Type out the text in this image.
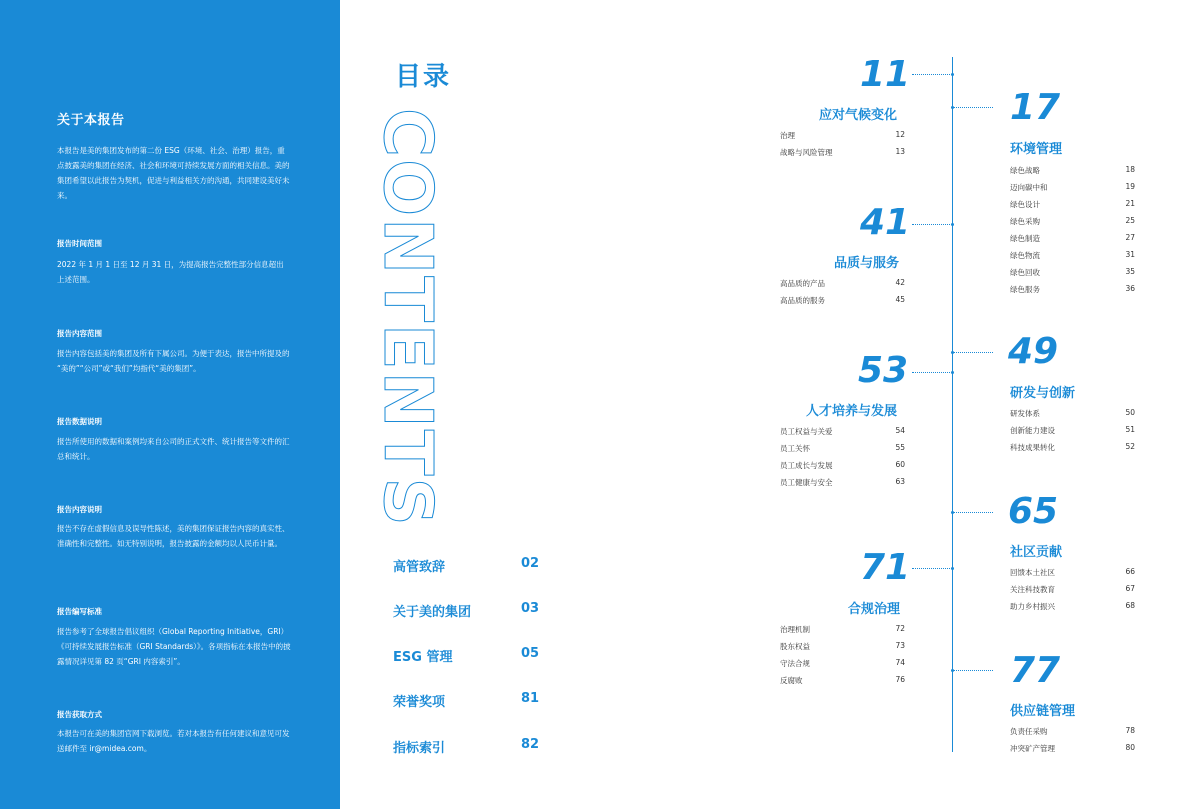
关于本报告
本报告是美的集团发布的第二份 ESG（环境、社会、治理）报告，重点披露美的集团在经济、社会和环境可持续发展方面的相关信息。美的集团希望以此报告为契机，促进与利益相关方的沟通，共同建设美好未来。
报告时间范围
2022 年 1 月 1 日至 12 月 31 日，为提高报告完整性部分信息超出上述范围。
报告内容范围
报告内容包括美的集团及所有下属公司。为便于表达，报告中所提及的 “美的”“公司”或“我们”均指代“美的集团”。
报告数据说明
报告所使用的数据和案例均来自公司的正式文件、统计报告等文件的汇总和统计。
报告内容说明
报告不存在虚假信息及误导性陈述，美的集团保证报告内容的真实性、准确性和完整性。如无特别说明，报告披露的金额均以人民币计量。
报告编写标准
报告参考了全球报告倡议组织（Global Reporting Initiative，GRI）《可持续发展报告标准（GRI Standards）》。各项指标在本报告中的披露情况详见第 82 页“GRI 内容索引”。
报告获取方式
本报告可在美的集团官网下载浏览。若对本报告有任何建议和意见可发送邮件至 ir@midea.com。
目录
CONTENTS
高管致辞	02
关于美的集团	03
ESG 管理	05
荣誉奖项	81
指标索引	82
11
应对气候变化
治理	12
战略与风险管理	13
41
品质与服务
高品质的产品	42
高品质的服务	45
53
人才培养与发展
员工权益与关爱	54
员工关怀	55
员工成长与发展	60
员工健康与安全	63
71
合规治理
治理机制	72
股东权益	73
守法合规	74
反腐败	76
17
环境管理
绿色战略	18
迈向碳中和	19
绿色设计	21
绿色采购	25
绿色制造	27
绿色物流	31
绿色回收	35
绿色服务	36
49
研发与创新
研发体系	50
创新能力建设	51
科技成果转化	52
65
社区贡献
回馈本土社区	66
关注科技教育	67
助力乡村振兴	68
77
供应链管理
负责任采购	78
冲突矿产管理	80
